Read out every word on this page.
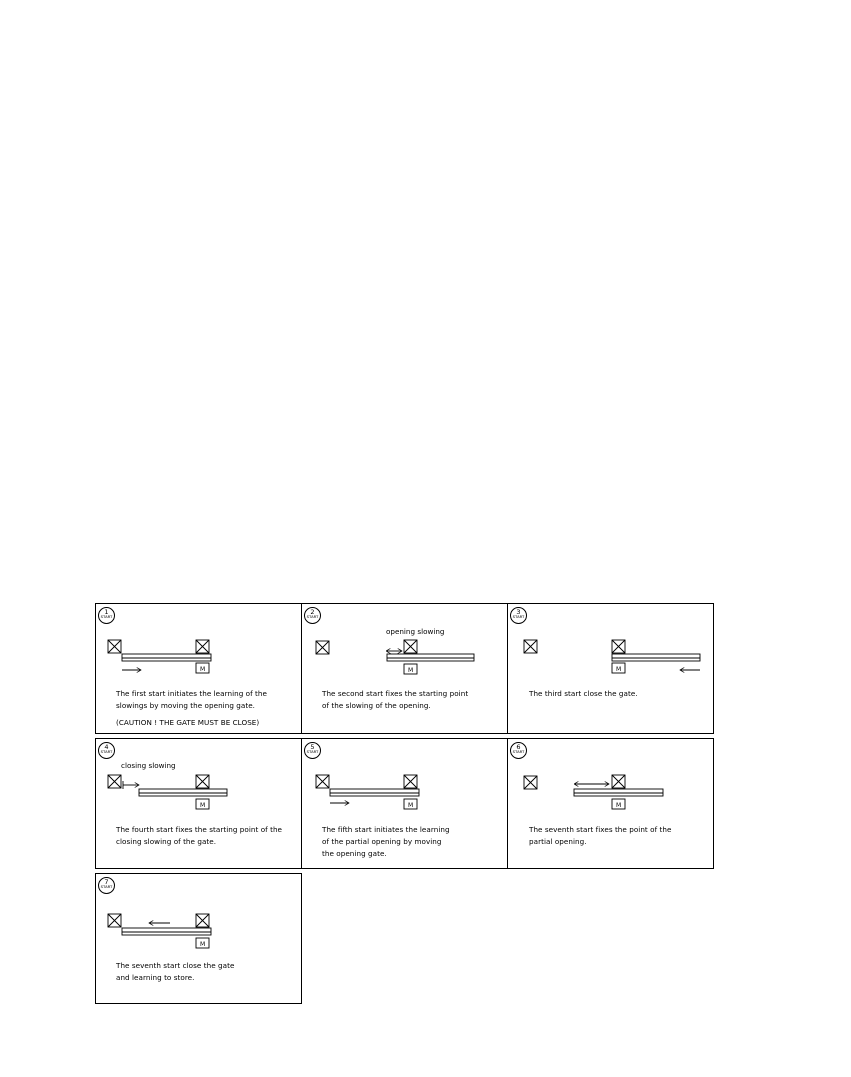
1
START
M
The first start initiates the learning of the
slowings by moving the opening gate.
(CAUTION ! THE GATE MUST BE CLOSE)
2
START
opening slowing
M
The second start fixes the starting point
of the slowing of the opening.
3
START
M
The third start close the gate.
4
START
closing slowing
M
The fourth start fixes the starting point of the
closing slowing of the gate.
5
START
M
The fifth start initiates the learning
of the partial opening by moving
the opening gate.
6
START
M
The seventh start fixes the point of the
partial opening.
7
START
M
The seventh start close the gate
and learning to store.
